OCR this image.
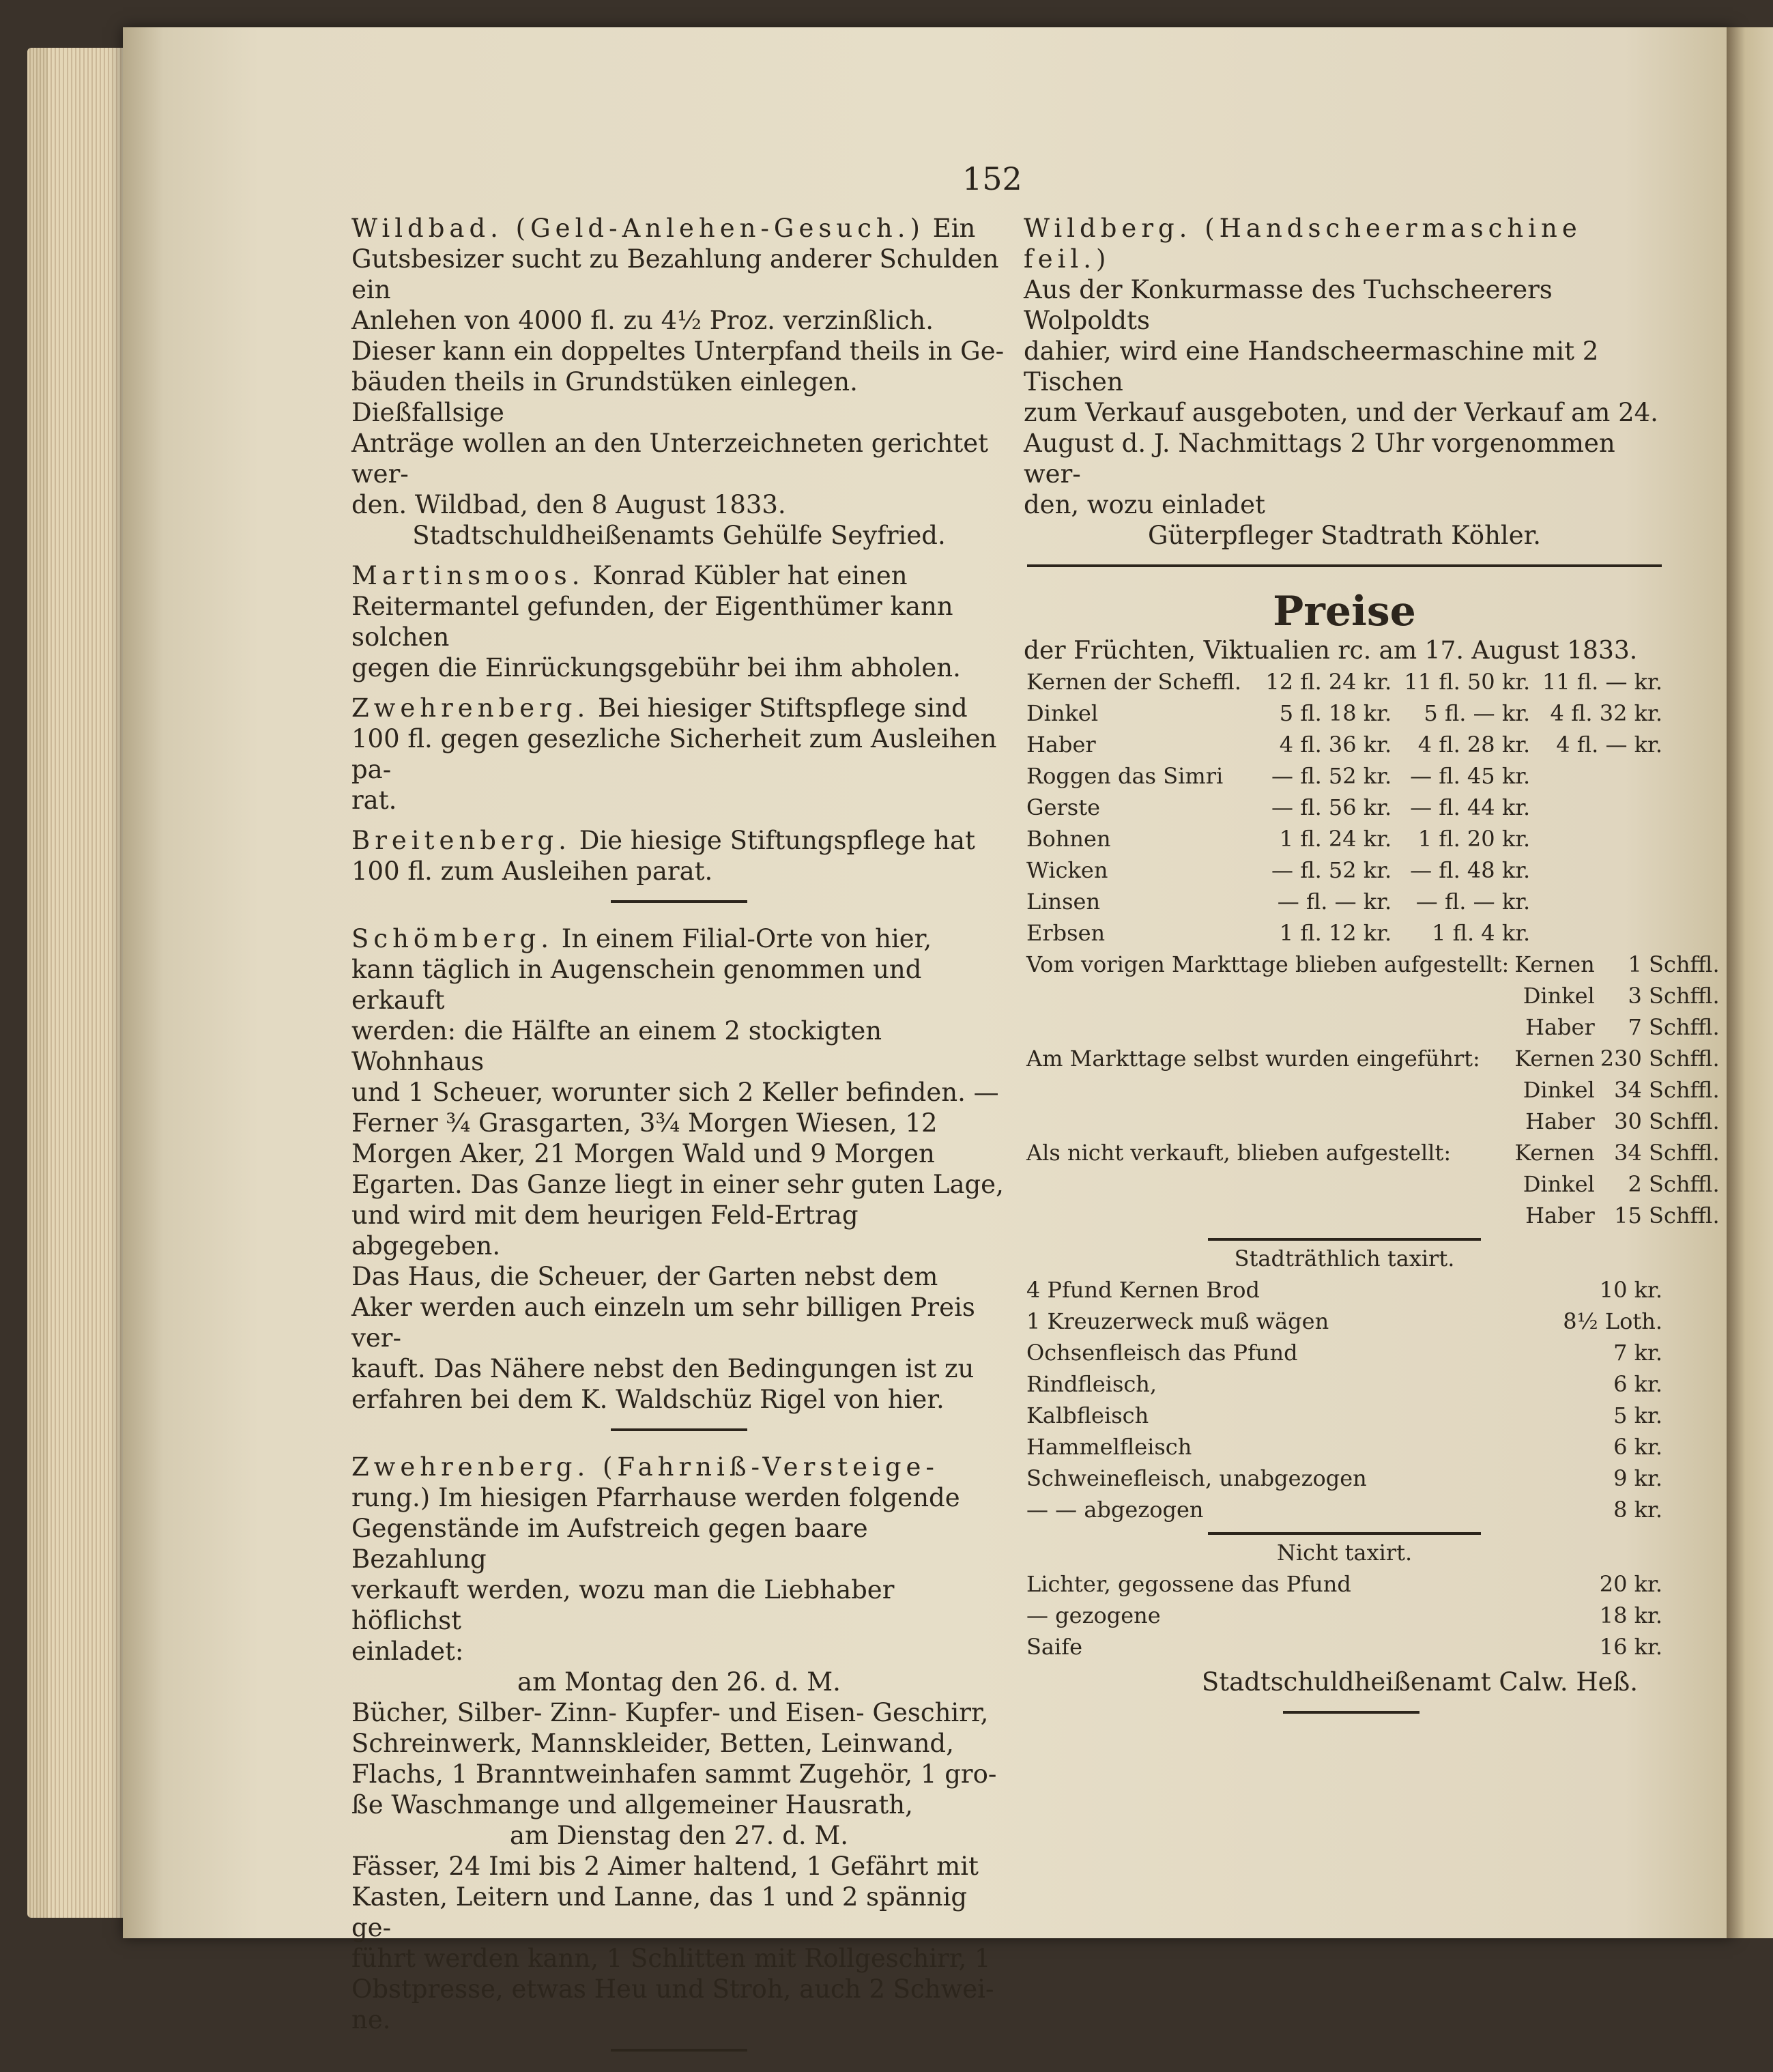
152

Wildbad. (Geld-Anlehen-Gesuch.) Ein Gutsbesizer sucht zu Bezahlung anderer Schulden ein

Anlehen von 4000 fl. zu 4½ Proz. verzinßlich.

Dieser kann ein doppeltes Unterpfand theils in Ge-

bäuden theils in Grundstüken einlegen. Dießfallsige

Anträge wollen an den Unterzeichneten gerichtet wer-

den. Wildbad, den 8 August 1833.

Stadtschuldheißenamts Gehülfe Seyfried.

Martinsmoos. Konrad Kübler hat einen

Reitermantel gefunden, der Eigenthümer kann solchen

gegen die Einrückungsgebühr bei ihm abholen.

Zwehrenberg. Bei hiesiger Stiftspflege sind

100 fl. gegen gesezliche Sicherheit zum Ausleihen pa-

rat.

Breitenberg. Die hiesige Stiftungspflege hat

100 fl. zum Ausleihen parat.

Schömberg. In einem Filial-Orte von hier,

kann täglich in Augenschein genommen und erkauft

werden: die Hälfte an einem 2 stockigten Wohnhaus

und 1 Scheuer, worunter sich 2 Keller befinden. —

Ferner ¾ Grasgarten, 3¾ Morgen Wiesen, 12

Morgen Aker, 21 Morgen Wald und 9 Morgen

Egarten. Das Ganze liegt in einer sehr guten Lage,

und wird mit dem heurigen Feld-Ertrag abgegeben.

Das Haus, die Scheuer, der Garten nebst dem

Aker werden auch einzeln um sehr billigen Preis ver-

kauft. Das Nähere nebst den Bedingungen ist zu

erfahren bei dem K. Waldschüz Rigel von hier.

Zwehrenberg. (Fahrniß-Versteige-

rung.) Im hiesigen Pfarrhause werden folgende

Gegenstände im Aufstreich gegen baare Bezahlung

verkauft werden, wozu man die Liebhaber höflichst

einladet:

am Montag den 26. d. M.

Bücher, Silber- Zinn- Kupfer- und Eisen- Geschirr,

Schreinwerk, Mannskleider, Betten, Leinwand,

Flachs, 1 Branntweinhafen sammt Zugehör, 1 gro-

ße Waschmange und allgemeiner Hausrath,

am Dienstag den 27. d. M.

Fässer, 24 Imi bis 2 Aimer haltend, 1 Gefährt mit

Kasten, Leitern und Lanne, das 1 und 2 spännig ge-

führt werden kann, 1 Schlitten mit Rollgeschirr, 1

Obstpresse, etwas Heu und Stroh, auch 2 Schwei-

ne.

Wildberg. (Handscheermaschine feil.)

Aus der Konkurmasse des Tuchscheerers Wolpoldts

dahier, wird eine Handscheermaschine mit 2 Tischen

zum Verkauf ausgeboten, und der Verkauf am 24.

August d. J. Nachmittags 2 Uhr vorgenommen wer-

den, wozu einladet

Güterpfleger Stadtrath Köhler.

Preise

der Früchten, Viktualien rc. am 17. August 1833.

Kernen der Scheffl.	12 fl. 24 kr.	11 fl. 50 kr.	11 fl. — kr.
Dinkel	5 fl. 18 kr.	5 fl. — kr.	4 fl. 32 kr.
Haber	4 fl. 36 kr.	4 fl. 28 kr.	4 fl. — kr.
Roggen das Simri	— fl. 52 kr.	— fl. 45 kr.	
Gerste	— fl. 56 kr.	— fl. 44 kr.	
Bohnen	1 fl. 24 kr.	1 fl. 20 kr.	
Wicken	— fl. 52 kr.	— fl. 48 kr.	
Linsen	— fl. — kr.	— fl. — kr.	
Erbsen	1 fl. 12 kr.	1 fl. 4 kr.	
Vom vorigen Markttage blieben aufgestellt:	Kernen	1 Schffl.
	Dinkel	3 Schffl.
	Haber	7 Schffl.
Am Markttage selbst wurden eingeführt:	Kernen	230 Schffl.
	Dinkel	34 Schffl.
	Haber	30 Schffl.
Als nicht verkauft, blieben aufgestellt:	Kernen	34 Schffl.
	Dinkel	2 Schffl.
	Haber	15 Schffl.

Stadträthlich taxirt.

4 Pfund Kernen Brod	10 kr.
1 Kreuzerweck muß wägen	8½ Loth.
Ochsenfleisch das Pfund	7 kr.
Rindfleisch,	6 kr.
Kalbfleisch	5 kr.
Hammelfleisch	6 kr.
Schweinefleisch, unabgezogen	9 kr.
— — abgezogen	8 kr.

Nicht taxirt.

Lichter, gegossene das Pfund	20 kr.
— gezogene	18 kr.
Saife	16 kr.

Stadtschuldheißenamt Calw. Heß.
